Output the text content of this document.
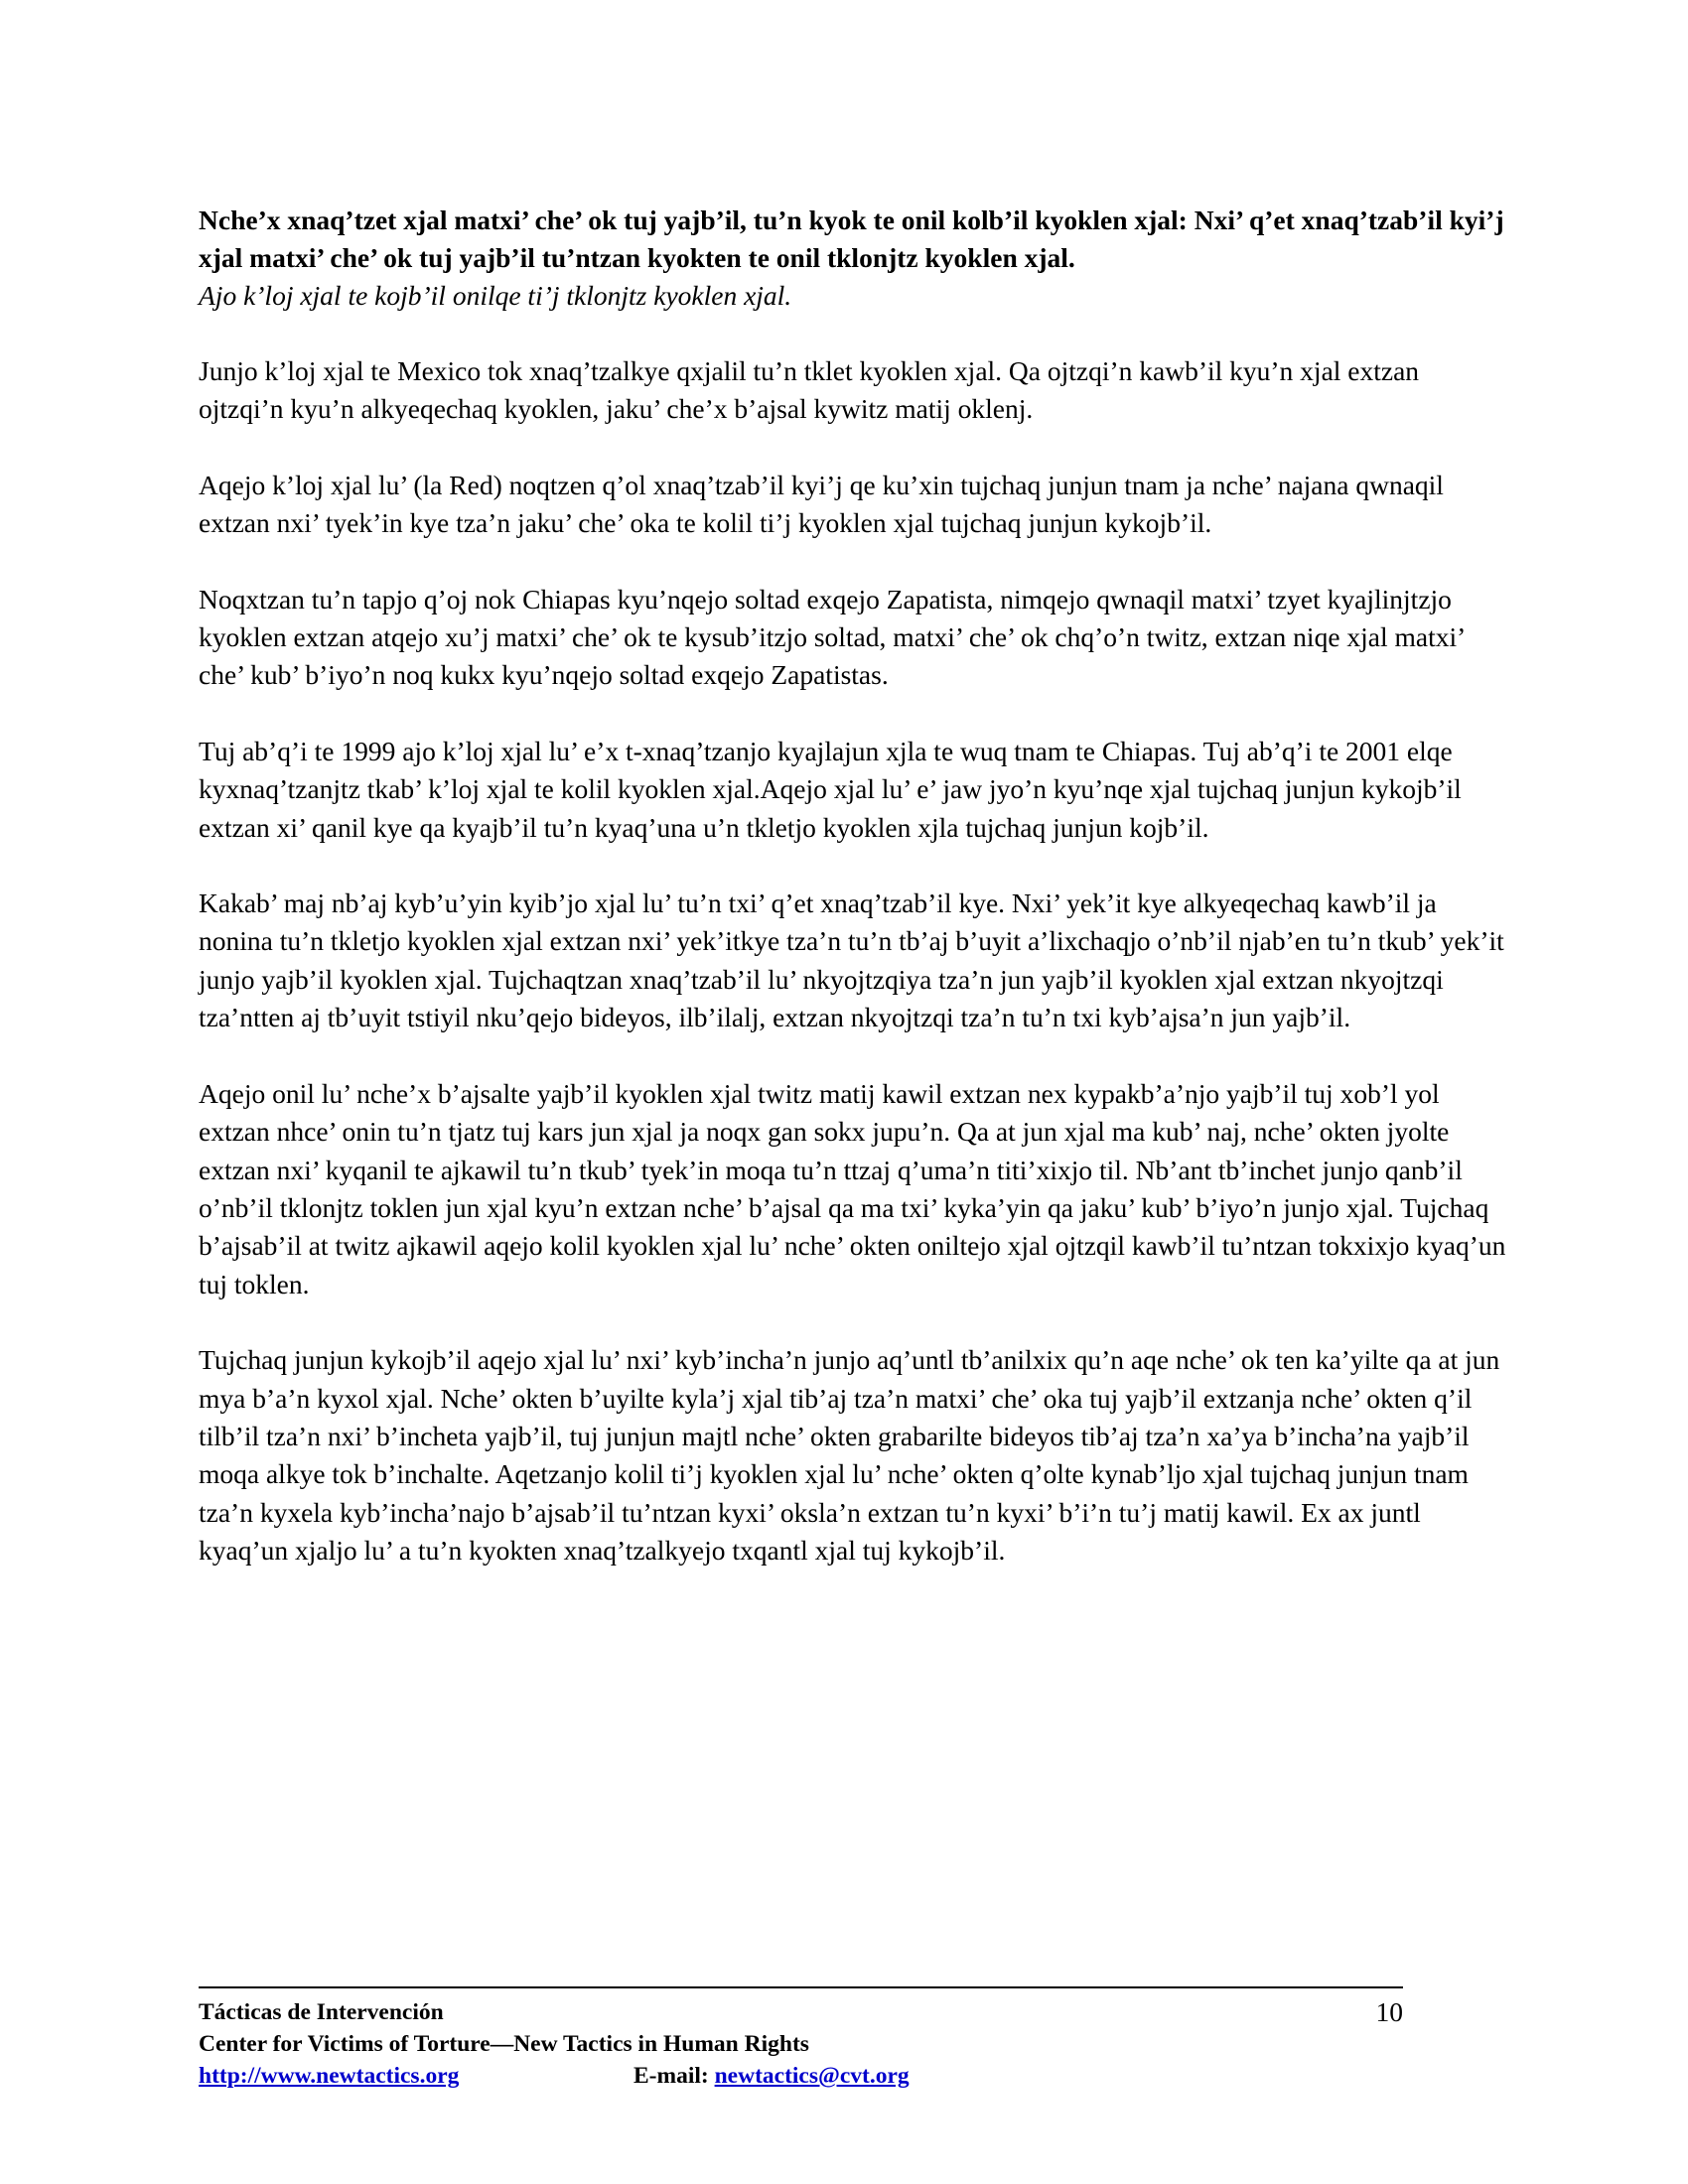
Nche’x xnaq’tzet xjal matxi’ che’ ok tuj yajb’il, tu’n kyok te onil kolb’il kyoklen xjal: Nxi’ q’et xnaq’tzab’il kyi’j xjal matxi’ che’ ok tuj yajb’il tu’ntzan kyokten te onil tklonjtz kyoklen xjal.

Ajo k’loj xjal te kojb’il onilqe ti’j tklonjtz kyoklen xjal.

Junjo k’loj xjal te Mexico tok xnaq’tzalkye qxjalil tu’n tklet kyoklen xjal. Qa ojtzqi’n kawb’il kyu’n xjal extzan ojtzqi’n kyu’n alkyeqechaq kyoklen, jaku’ che’x b’ajsal kywitz matij oklenj.

Aqejo k’loj xjal lu’ (la Red) noqtzen q’ol xnaq’tzab’il kyi’j qe ku’xin tujchaq junjun tnam ja nche’ najana qwnaqil extzan nxi’ tyek’in kye tza’n jaku’ che’ oka te kolil ti’j kyoklen xjal tujchaq junjun kykojb’il.

Noqxtzan tu’n tapjo q’oj nok Chiapas kyu’nqejo soltad exqejo Zapatista, nimqejo qwnaqil matxi’ tzyet kyajlinjtzjo kyoklen extzan atqejo xu’j matxi’ che’ ok te kysub’itzjo soltad, matxi’ che’ ok chq’o’n twitz, extzan niqe xjal matxi’ che’ kub’ b’iyo’n noq kukx kyu’nqejo soltad exqejo Zapatistas.

Tuj ab’q’i te 1999 ajo k’loj xjal lu’ e’x t-xnaq’tzanjo kyajlajun xjla te wuq tnam te Chiapas. Tuj ab’q’i te 2001 elqe kyxnaq’tzanjtz tkab’ k’loj xjal te kolil kyoklen xjal.Aqejo xjal lu’ e’ jaw jyo’n kyu’nqe xjal tujchaq junjun kykojb’il extzan xi’ qanil kye qa kyajb’il tu’n kyaq’una u’n tkletjo kyoklen xjla tujchaq junjun kojb’il.

Kakab’ maj nb’aj kyb’u’yin kyib’jo xjal lu’ tu’n txi’ q’et xnaq’tzab’il kye. Nxi’ yek’it kye alkyeqechaq kawb’il ja nonina tu’n tkletjo kyoklen xjal extzan nxi’ yek’itkye tza’n tu’n tb’aj b’uyit a’lixchaqjo o’nb’il njab’en tu’n tkub’ yek’it junjo yajb’il kyoklen xjal. Tujchaqtzan xnaq’tzab’il lu’ nkyojtzqiya tza’n jun yajb’il kyoklen xjal extzan nkyojtzqi tza’ntten aj tb’uyit tstiyil nku’qejo bideyos, ilb’ilalj, extzan nkyojtzqi tza’n tu’n txi kyb’ajsa’n jun yajb’il.

Aqejo onil lu’ nche’x b’ajsalte yajb’il kyoklen xjal twitz matij kawil extzan nex kypakb’a’njo yajb’il tuj xob’l yol extzan nhce’ onin tu’n tjatz tuj kars jun xjal ja noqx gan sokx jupu’n. Qa at jun xjal ma kub’ naj, nche’ okten jyolte extzan nxi’ kyqanil te ajkawil tu’n tkub’ tyek’in moqa tu’n ttzaj q’uma’n titi’xixjo til. Nb’ant tb’inchet junjo qanb’il o’nb’il tklonjtz toklen jun xjal kyu’n extzan nche’ b’ajsal qa ma txi’ kyka’yin qa jaku’ kub’ b’iyo’n junjo xjal. Tujchaq b’ajsab’il at twitz ajkawil aqejo kolil kyoklen xjal lu’ nche’ okten oniltejo xjal ojtzqil kawb’il tu’ntzan tokxixjo kyaq’un tuj toklen.

Tujchaq junjun kykojb’il aqejo xjal lu’ nxi’ kyb’incha’n junjo aq’untl tb’anilxix qu’n aqe nche’ ok ten ka’yilte qa at jun mya b’a’n kyxol xjal. Nche’ okten b’uyilte kyla’j xjal tib’aj tza’n matxi’ che’ oka tuj yajb’il extzanja nche’ okten q’il tilb’il tza’n nxi’ b’incheta yajb’il, tuj junjun majtl nche’ okten grabarilte bideyos tib’aj tza’n xa’ya b’incha’na yajb’il moqa alkye tok b’inchalte. Aqetzanjo kolil ti’j kyoklen xjal lu’ nche’ okten q’olte kynab’ljo xjal tujchaq junjun tnam tza’n kyxela kyb’incha’najo b’ajsab’il tu’ntzan kyxi’ oksla’n extzan tu’n kyxi’ b’i’n tu’j matij kawil. Ex ax juntl kyaq’un xjaljo lu’ a tu’n kyokten xnaq’tzalkyejo txqantl xjal tuj kykojb’il.

Tácticas de Intervención	10

Center for Victims of Torture—New Tactics in Human Rights

http://www.newtactics.org	E-mail: newtactics@cvt.org
